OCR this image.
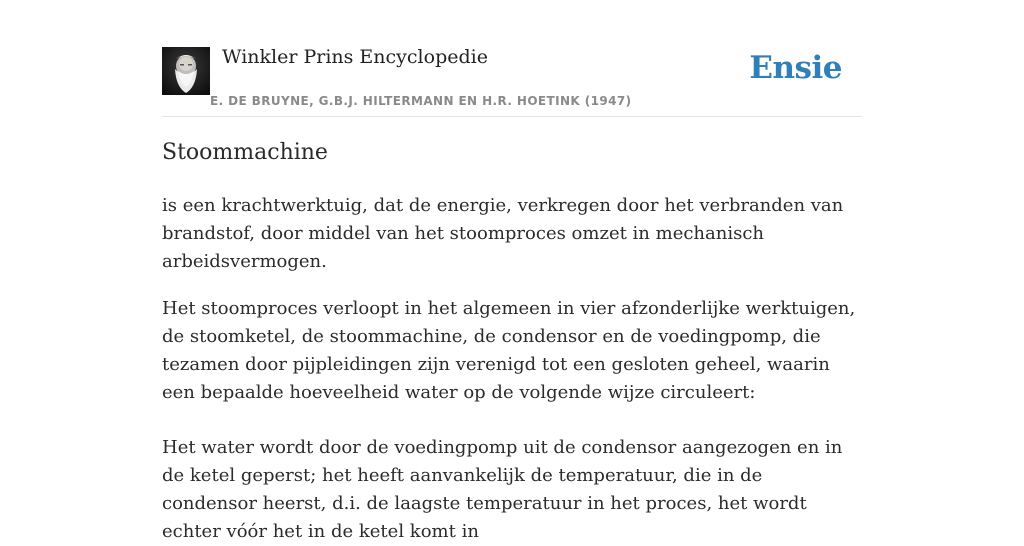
Winkler Prins Encyclopedie
E. DE BRUYNE, G.B.J. HILTERMANN EN H.R. HOETINK (1947)
Ensie
Stoommachine

is een krachtwerktuig, dat de energie, verkregen door het verbranden van brandstof, door middel van het stoomproces omzet in mechanisch arbeidsvermogen.

Het stoomproces verloopt in het algemeen in vier afzonderlijke werktuigen, de stoomketel, de stoommachine, de condensor en de voedingpomp, die tezamen door pijpleidingen zijn verenigd tot een gesloten geheel, waarin een bepaalde hoeveelheid water op de volgende wijze circuleert:

Het water wordt door de voedingpomp uit de condensor aangezogen en in de ketel geperst; het heeft aanvankelijk de temperatuur, die in de condensor heerst, d.i. de laagste temperatuur in het proces, het wordt echter vóór het in de ketel komt in
